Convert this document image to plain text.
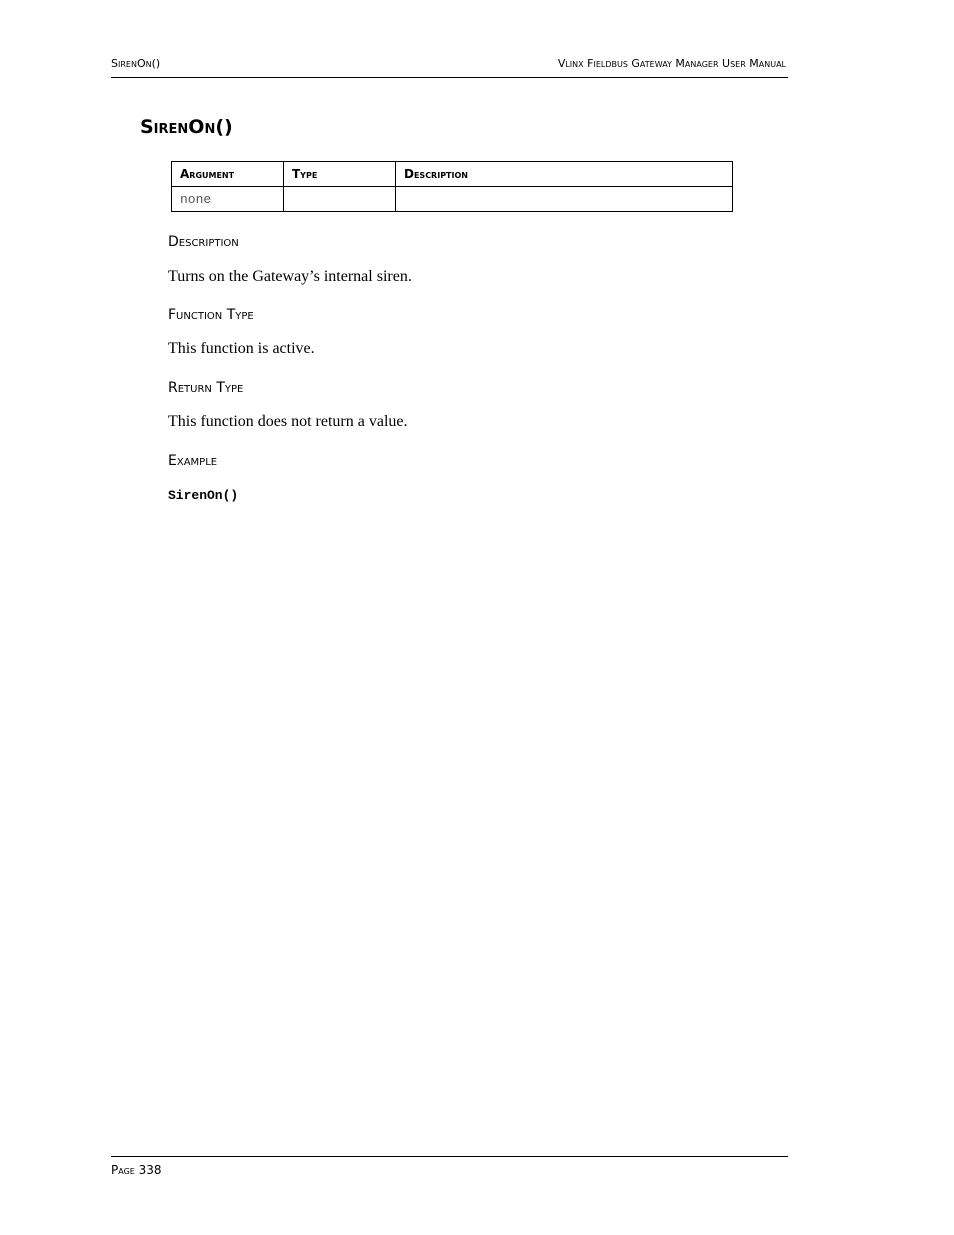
SirenOn()	Vlinx Fieldbus Gateway Manager User Manual
SirenOn()
Argument	Type	Description
none		
Description

Turns on the Gateway’s internal siren.

Function Type

This function is active.

Return Type

This function does not return a value.

Example
SirenOn()
Page 338
